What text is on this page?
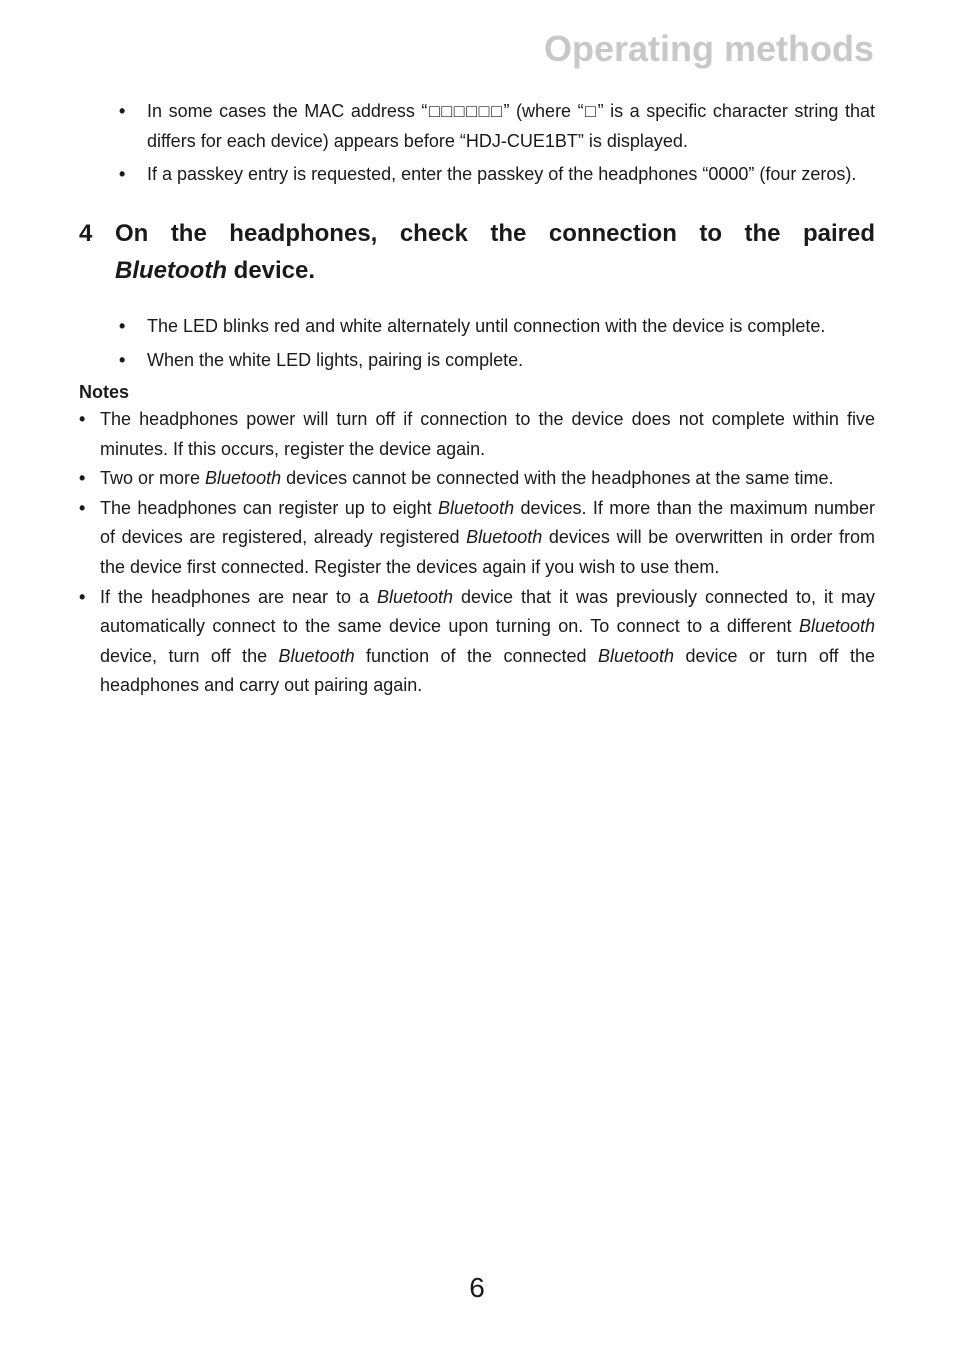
Operating methods
• In some cases the MAC address “□□□□□□” (where “□” is a specific character string that differs for each device) appears before “HDJ-CUE1BT” is displayed.
• If a passkey entry is requested, enter the passkey of the headphones “0000” (four zeros).
4 On the headphones, check the connection to the paired
Bluetooth device.
• The LED blinks red and white alternately until connection with the device is complete.
• When the white LED lights, pairing is complete.
Notes
• The headphones power will turn off if connection to the device does not complete within five minutes. If this occurs, register the device again.
• Two or more Bluetooth devices cannot be connected with the headphones at the same time.
• The headphones can register up to eight Bluetooth devices. If more than the maximum number of devices are registered, already registered Bluetooth devices will be overwritten in order from the device first connected. Register the devices again if you wish to use them.
• If the headphones are near to a Bluetooth device that it was previously connected to, it may automatically connect to the same device upon turning on. To connect to a different Bluetooth device, turn off the Bluetooth function of the connected Bluetooth device or turn off the headphones and carry out pairing again.
6
